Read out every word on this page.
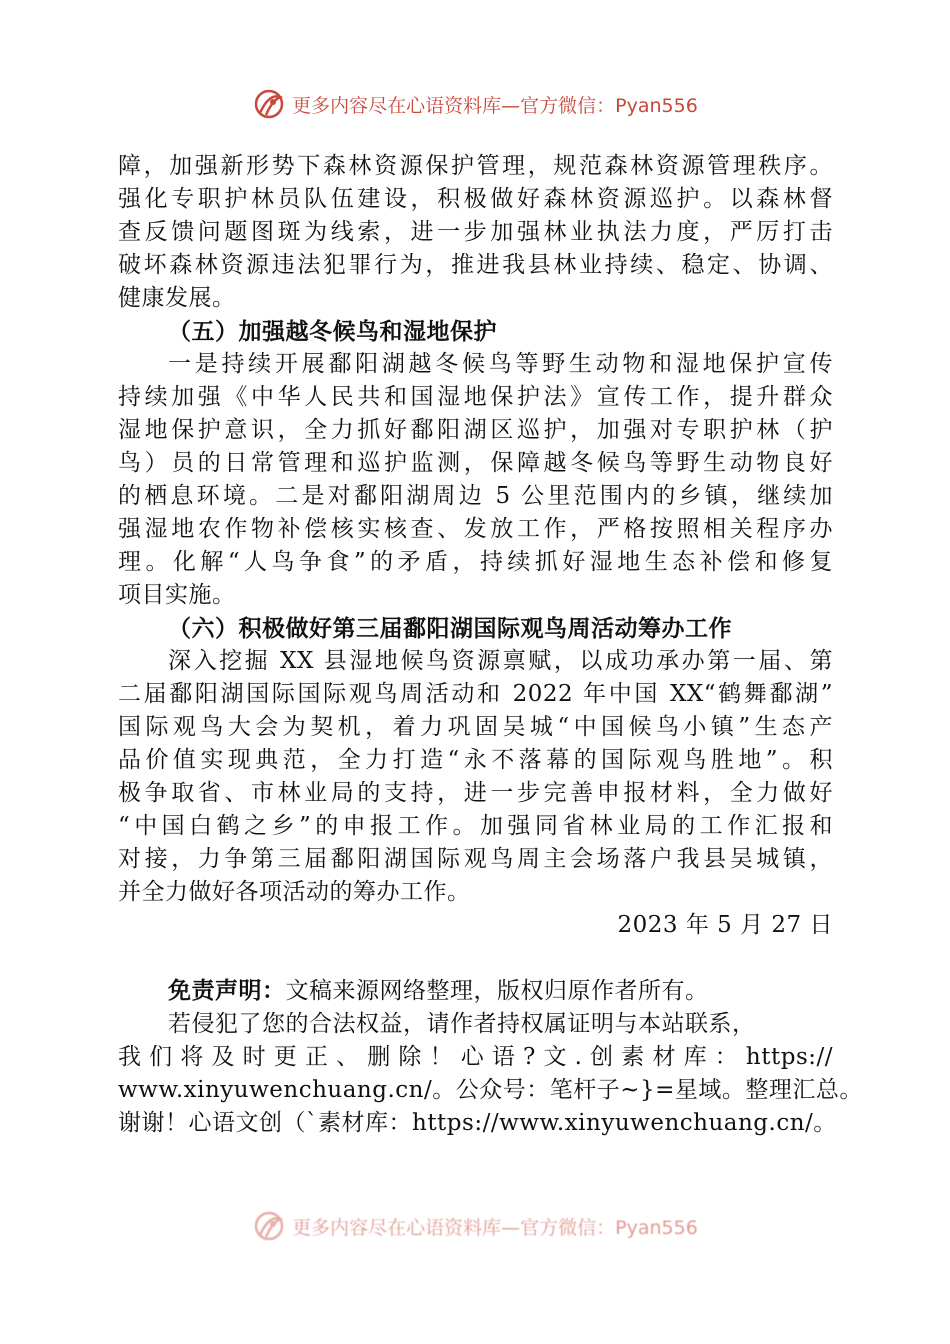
更多内容尽在心语资料库—官方微信：Pyan556
障，加强新形势下森林资源保护管理，规范森林资源管理秩序。
强化专职护林员队伍建设，积极做好森林资源巡护。以森林督
查反馈问题图斑为线索，进一步加强林业执法力度，严厉打击
破坏森林资源违法犯罪行为，推进我县林业持续、稳定、协调、
健康发展。
（五）加强越冬候鸟和湿地保护
一是持续开展鄱阳湖越冬候鸟等野生动物和湿地保护宣传
持续加强《中华人民共和国湿地保护法》宣传工作，提升群众
湿地保护意识，全力抓好鄱阳湖区巡护，加强对专职护林（护
鸟）员的日常管理和巡护监测，保障越冬候鸟等野生动物良好
的栖息环境。二是对鄱阳湖周边 5 公里范围内的乡镇，继续加
强湿地农作物补偿核实核查、发放工作，严格按照相关程序办
理。化解“人鸟争食”的矛盾，持续抓好湿地生态补偿和修复
项目实施。
（六）积极做好第三届鄱阳湖国际观鸟周活动筹办工作
深入挖掘 XX 县湿地候鸟资源禀赋，以成功承办第一届、第
二届鄱阳湖国际国际观鸟周活动和 2022 年中国 XX“鹤舞鄱湖”
国际观鸟大会为契机，着力巩固吴城“中国候鸟小镇”生态产
品价值实现典范，全力打造“永不落幕的国际观鸟胜地”。积
极争取省、市林业局的支持，进一步完善申报材料，全力做好
“中国白鹤之乡”的申报工作。加强同省林业局的工作汇报和
对接，力争第三届鄱阳湖国际观鸟周主会场落户我县吴城镇，
并全力做好各项活动的筹办工作。
2023 年 5 月 27 日
免责声明：文稿来源网络整理，版权归原作者所有。
若侵犯了您的合法权益，请作者持权属证明与本站联系，
我们将及时更正、删除！心语?文.创素材库：https://
www.xinyuwenchuang.cn/。公众号：笔杆子~}=星域。整理汇总。
谢谢！心语文创（`素材库：https://www.xinyuwenchuang.cn/。
更多内容尽在心语资料库—官方微信：Pyan556
